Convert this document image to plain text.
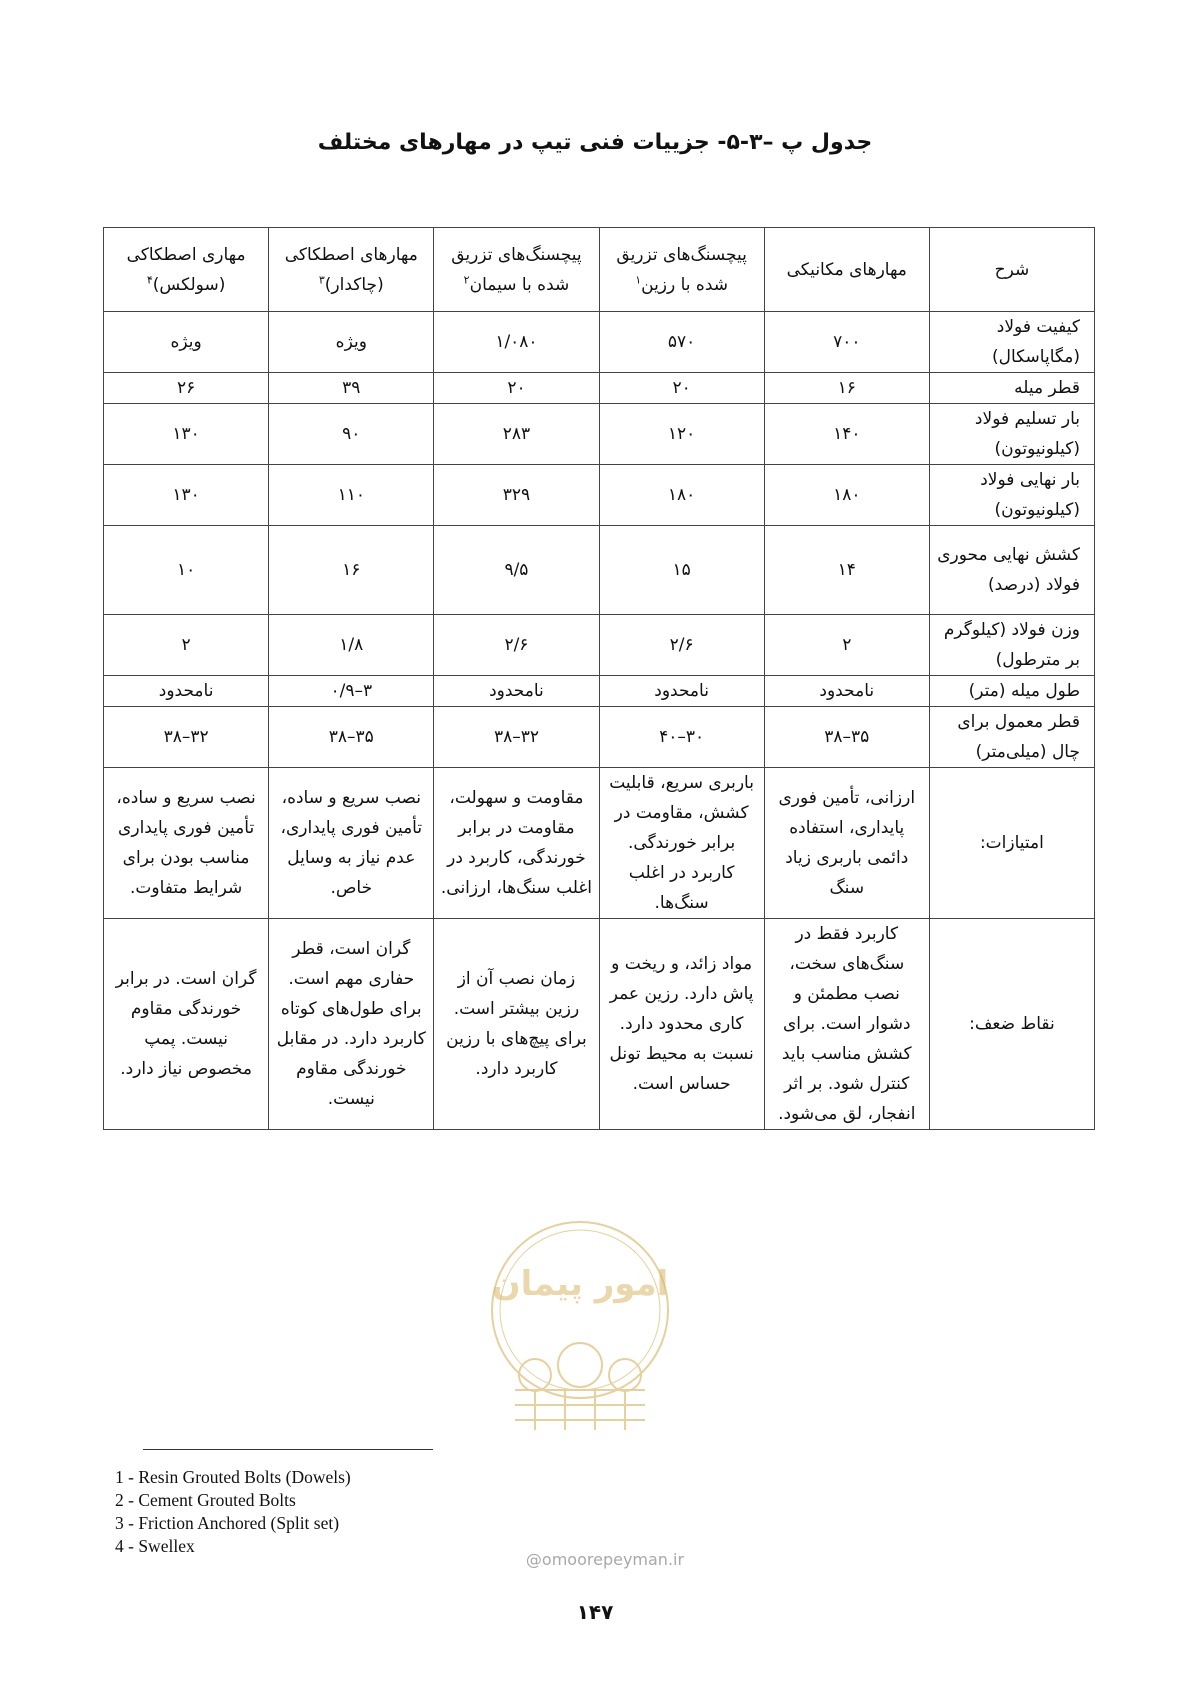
جدول پ –۳-۵- جزییات فنی تیپ در مهارهای مختلف
شرح	مهارهای مکانیکی	پیچسنگ‌های تزریق شده با رزین$^۱$	پیچسنگ‌های تزریق شده با سیمان$^۲$	مهارهای اصطکاکی (چاکدار)$^۳$	مهاری اصطکاکی (سولکس)$^۴$
کیفیت فولاد (مگاپاسکال)	۷۰۰	۵۷۰	۱/۰۸۰	ویژه	ویژه
قطر میله	۱۶	۲۰	۲۰	۳۹	۲۶
بار تسلیم فولاد (کیلونیوتون)	۱۴۰	۱۲۰	۲۸۳	۹۰	۱۳۰
بار نهایی فولاد (کیلونیوتون)	۱۸۰	۱۸۰	۳۲۹	۱۱۰	۱۳۰
کشش نهایی محوری فولاد (درصد)	۱۴	۱۵	۹/۵	۱۶	۱۰
وزن فولاد (کیلوگرم بر مترطول)	۲	۲/۶	۲/۶	۱/۸	۲
طول میله (متر)	نامحدود	نامحدود	نامحدود	۳–۰/۹	نامحدود
قطر معمول برای چال (میلی‌متر)	۳۵–۳۸	۳۰–۴۰	۳۲–۳۸	۳۵–۳۸	۳۲–۳۸
امتیازات:	ارزانی، تأمین فوری پایداری، استفاده دائمی باربری زیاد سنگ	باربری سریع، قابلیت کشش، مقاومت در برابر خورندگی. کاربرد در اغلب سنگ‌ها.	مقاومت و سهولت، مقاومت در برابر خورندگی، کاربرد در اغلب سنگ‌ها، ارزانی.	نصب سریع و ساده، تأمین فوری پایداری، عدم نیاز به وسایل خاص.	نصب سریع و ساده، تأمین فوری پایداری مناسب بودن برای شرایط متفاوت.
نقاط ضعف:	کاربرد فقط در سنگ‌های سخت، نصب مطمئن و دشوار است. برای کشش مناسب باید کنترل شود. بر اثر انفجار، لق می‌شود.	مواد زائد، و ریخت و پاش دارد. رزین عمر کاری محدود دارد. نسبت به محیط تونل حساس است.	زمان نصب آن از رزین بیشتر است. برای پیچ‌های با رزین کاربرد دارد.	گران است، قطر حفاری مهم است. برای طول‌های کوتاه کاربرد دارد. در مقابل خورندگی مقاوم نیست.	گران است. در برابر خورندگی مقاوم نیست. پمپ مخصوص نیاز دارد.
امور پیمان
@omoorepeyman.ir
1 - Resin Grouted Bolts (Dowels)
2 - Cement Grouted Bolts
3 - Friction Anchored (Split set)
4 - Swellex
۱۴۷
